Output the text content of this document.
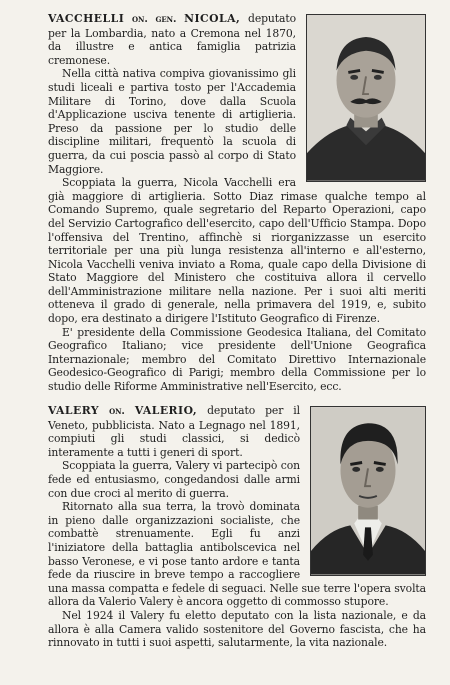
VACCHELLI on. gen. NICOLA, deputato per la Lombardia, nato a Cremona nel 1870, da illustre e antica famiglia patrizia cremonese.

Nella città nativa compiva giovanissimo gli studi liceali e partiva tosto per l'Accademia Militare di Torino, dove dalla Scuola d'Applicazione usciva tenente di artiglieria. Preso da passione per lo studio delle discipline militari, frequentò la scuola di guerra, da cui poscia passò al corpo di Stato Maggiore.

Scoppiata la guerra, Nicola Vacchelli era già maggiore di artiglieria. Sotto Diaz rimase qualche tempo al Comando Supremo, quale segretario del Reparto Operazioni, capo del Servizio Cartografico dell'esercito, capo dell'Ufficio Stampa. Dopo l'offensiva del Trentino, affinchè si riorganizzasse un esercito territoriale per una più lunga resistenza all'interno e all'esterno, Nicola Vacchelli veniva inviato a Roma, quale capo della Divisione di Stato Maggiore del Ministero che costituiva allora il cervello dell'Amministrazione militare nella nazione. Per i suoi alti meriti otteneva il grado di generale, nella primavera del 1919, e, subito dopo, era destinato a dirigere l'Istituto Geografico di Firenze.

E' presidente della Commissione Geodesica Italiana, del Comitato Geografico Italiano; vice presidente dell'Unione Geografica Internazionale; membro del Comitato Direttivo Internazionale Geodesico-Geografico di Parigi; membro della Commissione per lo studio delle Riforme Amministrative nell'Esercito, ecc.

VALERY on. VALERIO, deputato per il Veneto, pubblicista. Nato a Legnago nel 1891, compiuti gli studi classici, si dedicò interamente a tutti i generi di sport.

Scoppiata la guerra, Valery vi partecipò con fede ed entusiasmo, congedandosi dalle armi con due croci al merito di guerra.

Ritornato alla sua terra, la trovò dominata in pieno dalle organizzazioni socialiste, che combattè strenuamente. Egli fu anzi l'iniziatore della battaglia antibolscevica nel basso Veronese, e vi pose tanto ardore e tanta fede da riuscire in breve tempo a raccogliere una massa compatta e fedele di seguaci. Nelle sue terre l'opera svolta allora da Valerio Valery è ancora oggetto di commosso stupore.

Nel 1924 il Valery fu eletto deputato con la lista nazionale, e da allora è alla Camera valido sostenitore del Governo fascista, che ha rinnovato in tutti i suoi aspetti, salutarmente, la vita nazionale.
